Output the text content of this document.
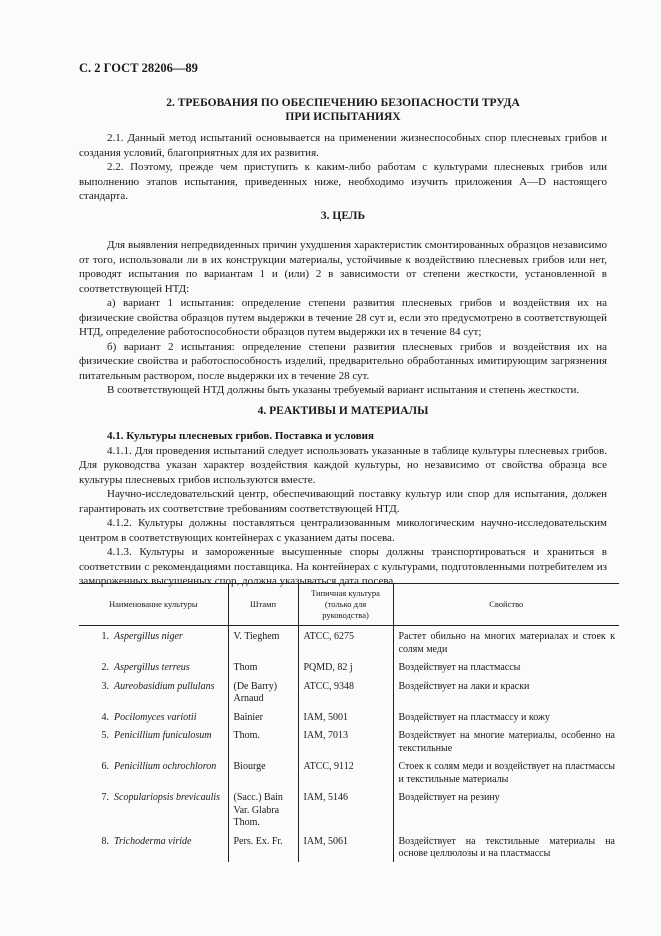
С. 2 ГОСТ 28206—89
2. ТРЕБОВАНИЯ ПО ОБЕСПЕЧЕНИЮ БЕЗОПАСНОСТИ ТРУДА
ПРИ ИСПЫТАНИЯХ

2.1. Данный метод испытаний основывается на применении жизнеспособных спор плесневых грибов и создания условий, благоприятных для их развития.

2.2. Поэтому, прежде чем приступить к каким-либо работам с культурами плесневых грибов или выполнению этапов испытания, приведенных ниже, необходимо изучить приложения A—D настоящего стандарта.

3. ЦЕЛЬ

Для выявления непредвиденных причин ухудшения характеристик смонтированных образцов независимо от того, использовали ли в их конструкции материалы, устойчивые к воздействию плесневых грибов или нет, проводят испытания по вариантам 1 и (или) 2 в зависимости от степени жесткости, установленной в соответствующей НТД:

а) вариант 1 испытания: определение степени развития плесневых грибов и воздействия их на физические свойства образцов путем выдержки в течение 28 сут и, если это предусмотрено в соответствующей НТД, определение работоспособности образцов путем выдержки их в течение 84 сут;

б) вариант 2 испытания: определение степени развития плесневых грибов и воздействия их на физические свойства и работоспособность изделий, предварительно обработанных имитирующим загрязнения питательным раствором, после выдержки их в течение 28 сут.

В соответствующей НТД должны быть указаны требуемый вариант испытания и степень жесткости.

4. РЕАКТИВЫ И МАТЕРИАЛЫ

4.1. Культуры плесневых грибов. Поставка и условия

4.1.1. Для проведения испытаний следует использовать указанные в таблице культуры плесневых грибов. Для руководства указан характер воздействия каждой культуры, но независимо от свойства образца все культуры плесневых грибов используются вместе.

Научно-исследовательский центр, обеспечивающий поставку культур или спор для испытания, должен гарантировать их соответствие требованиям соответствующей НТД.

4.1.2. Культуры должны поставляться централизованным микологическим научно-исследовательским центром в соответствующих контейнерах с указанием даты посева.

4.1.3. Культуры и замороженные высушенные споры должны транспортироваться и храниться в соответствии с рекомендациями поставщика. На контейнерах с культурами, подготовленными потребителем из замороженных высушенных спор, должна указываться дата посева.

Наименование культуры	Штамп	Типичная культура (только для руководства)	Свойство
1. Aspergillus niger	V. Tieghem	ATCC, 6275	Растет обильно на многих материалах и стоек к солям меди
2. Aspergillus terreus	Thom	PQMD, 82 j	Воздействует на пластмассы
3. Aureobasidium pullulans	(De Barry) Arnaud	ATCC, 9348	Воздействует на лаки и краски
4. Pocilomyces variotii	Bainier	IAM, 5001	Воздействует на пластмассу и кожу
5. Penicillium funiculosum	Thom.	IAM, 7013	Воздействует на многие материалы, особенно на текстильные
6. Penicillium ochrochloron	Biourge	ATCC, 9112	Стоек к солям меди и воздействует на пластмассы и текстильные материалы
7. Scopulariopsis brevicaulis	(Sacc.) Bain Var. Glabra Thom.	IAM, 5146	Воздействует на резину
8. Trichoderma viride	Pers. Ex. Fr.	IAM, 5061	Воздействует на текстильные материалы на основе целлюлозы и на пластмассы
